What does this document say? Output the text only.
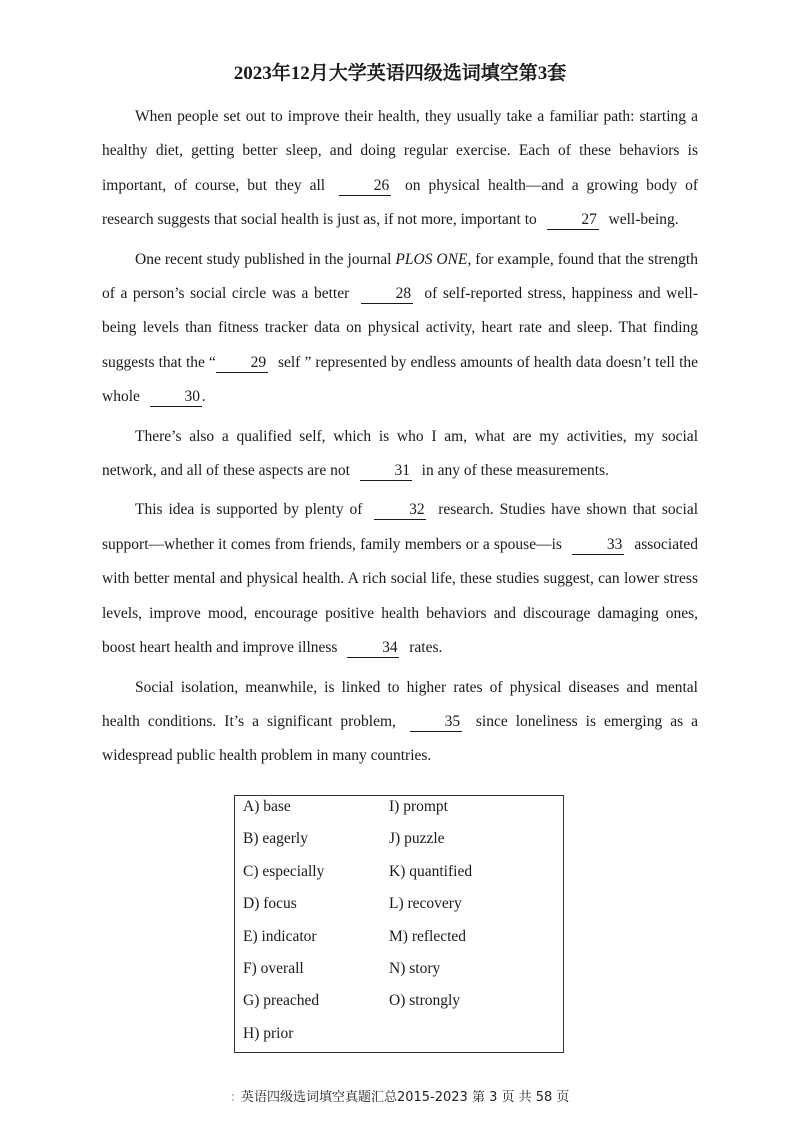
2023年12月大学英语四级选词填空第3套

When people set out to improve their health, they usually take a familiar path: starting a healthy diet, getting better sleep, and doing regular exercise. Each of these behaviors is important, of course, but they all	26 on physical health—and a growing body of research suggests that social health is just as, if not more, important to	27 well-being.

One recent study published in the journal PLOS ONE, for example, found that the strength of a person’s social circle was a better	28 of self-reported stress, happiness and well-being levels than fitness tracker data on physical activity, heart rate and sleep. That finding suggests that the “ 29 self ” represented by endless amounts of health data doesn’t tell the whole	30 .

There’s also a qualified self, which is who I am, what are my activities, my social network, and all of these aspects are not	31 in any of these measurements.

This idea is supported by plenty of	32 research. Studies have shown that social support—whether it comes from friends, family members or a spouse—is	33 associated with better mental and physical health. A rich social life, these studies suggest, can lower stress levels, improve mood, encourage positive health behaviors and discourage damaging ones, boost heart health and improve illness	34 rates.

Social isolation, meanwhile, is linked to higher rates of physical diseases and mental health conditions. It’s a significant problem,	35 since loneliness is emerging as a widespread public health problem in many countries.

A) base
B) eagerly
C) especially
D) focus
E) indicator
F) overall
G) preached
H) prior
I) prompt
J) puzzle
K) quantified
L) recovery
M) reflected
N) story
O) strongly
: 英语四级选词填空真题汇总2015-2023 第 3 页 共 58 页
